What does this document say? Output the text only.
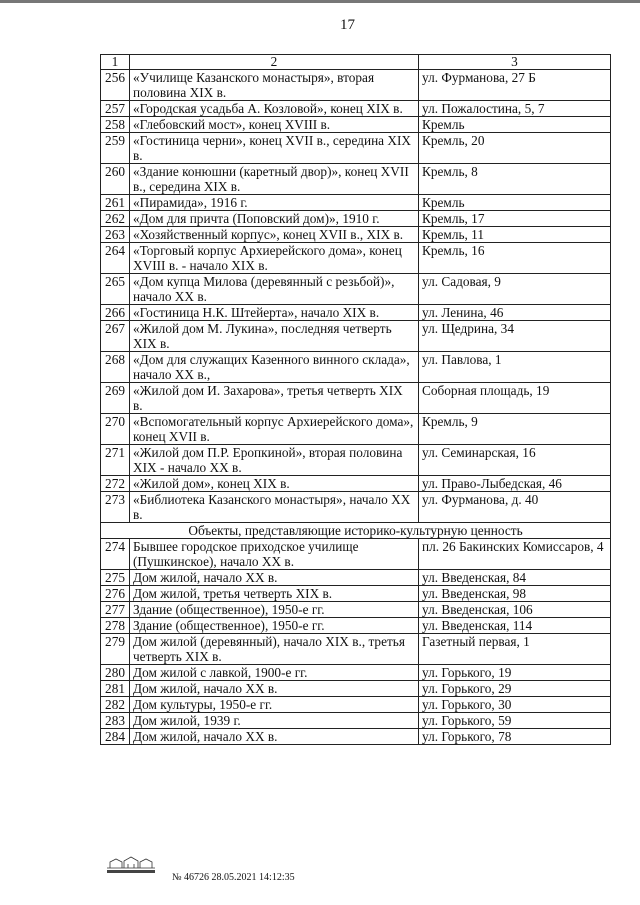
17
1	2	3
256	«Училище Казанского монастыря», вторая половина XIX в.	ул. Фурманова, 27 Б
257	«Городская усадьба А. Козловой», конец XIX в.	ул. Пожалостина, 5, 7
258	«Глебовский мост», конец XVIII в.	Кремль
259	«Гостиница черни», конец XVII в., середина XIX в.	Кремль, 20
260	«Здание конюшни (каретный двор)», конец XVII в., середина XIX в.	Кремль, 8
261	«Пирамида», 1916 г.	Кремль
262	«Дом для причта (Поповский дом)», 1910 г.	Кремль, 17
263	«Хозяйственный корпус», конец XVII в., XIX в.	Кремль, 11
264	«Торговый корпус Архиерейского дома», конец XVIII в. - начало XIX в.	Кремль, 16
265	«Дом купца Милова (деревянный с резьбой)», начало XX в.	ул. Садовая, 9
266	«Гостиница Н.К. Штейерта», начало XIX в.	ул. Ленина, 46
267	«Жилой дом М. Лукина», последняя четверть XIX в.	ул. Щедрина, 34
268	«Дом для служащих Казенного винного склада», начало XX в.,	ул. Павлова, 1
269	«Жилой дом И. Захарова», третья четверть XIX в.	Соборная площадь, 19
270	«Вспомогательный корпус Архиерейского дома», конец XVII в.	Кремль, 9
271	«Жилой дом П.Р. Еропкиной», вторая половина XIX - начало XX в.	ул. Семинарская, 16
272	«Жилой дом», конец XIX в.	ул. Право-Лыбедская, 46
273	«Библиотека Казанского монастыря», начало XX в.	ул. Фурманова, д. 40
Объекты, представляющие историко-культурную ценность		
274	Бывшее городское приходское училище (Пушкинское), начало XX в.	пл. 26 Бакинских Комиссаров, 4
275	Дом жилой, начало XX в.	ул. Введенская, 84
276	Дом жилой, третья четверть XIX в.	ул. Введенская, 98
277	Здание (общественное), 1950-е гг.	ул. Введенская, 106
278	Здание (общественное), 1950-е гг.	ул. Введенская, 114
279	Дом жилой (деревянный), начало XIX в., третья четверть XIX в.	Газетный первая, 1
280	Дом жилой с лавкой, 1900-е гг.	ул. Горького, 19
281	Дом жилой, начало XX в.	ул. Горького, 29
282	Дом культуры, 1950-е гг.	ул. Горького, 30
283	Дом жилой, 1939 г.	ул. Горького, 59
284	Дом жилой, начало XX в.	ул. Горького, 78
№ 46726 28.05.2021 14:12:35
